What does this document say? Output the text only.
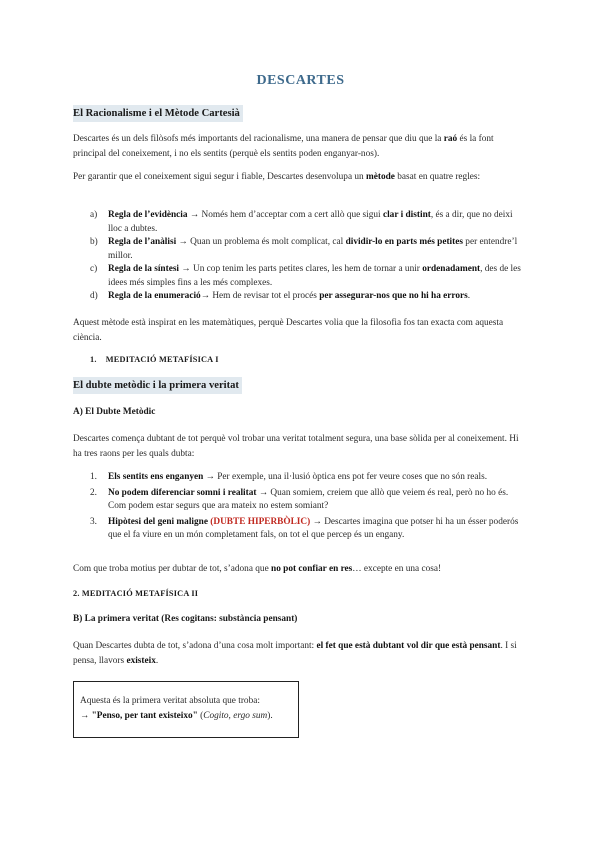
DESCARTES
El Racionalisme i el Mètode Cartesià

Descartes és un dels filòsofs més importants del racionalisme, una manera de pensar que diu que la raó és la font principal del coneixement, i no els sentits (perquè els sentits poden enganyar-nos).

Per garantir que el coneixement sigui segur i fiable, Descartes desenvolupa un mètode basat en quatre regles:

a) Regla de l’evidència → Només hem d’acceptar com a cert allò que sigui clar i distint, és a dir, que no deixi lloc a dubtes.
b) Regla de l’anàlisi → Quan un problema és molt complicat, cal dividir-lo en parts més petites per entendre’l millor.
c) Regla de la síntesi → Un cop tenim les parts petites clares, les hem de tornar a unir ordenadament, des de les idees més simples fins a les més complexes.
d) Regla de la enumeració→ Hem de revisar tot el procés per assegurar-nos que no hi ha errors.

Aquest mètode està inspirat en les matemàtiques, perquè Descartes volia que la filosofia fos tan exacta com aquesta ciència.

1. MEDITACIÓ METAFÍSICA I
El dubte metòdic i la primera veritat
A) El Dubte Metòdic

Descartes comença dubtant de tot perquè vol trobar una veritat totalment segura, una base sòlida per al coneixement. Hi ha tres raons per les quals dubta:

1. Els sentits ens enganyen → Per exemple, una il·lusió òptica ens pot fer veure coses que no són reals.
2. No podem diferenciar somni i realitat → Quan somiem, creiem que allò que veiem és real, però no ho és. Com podem estar segurs que ara mateix no estem somiant?
3. Hipòtesi del geni maligne (DUBTE HIPERBÒLIC) → Descartes imagina que potser hi ha un ésser poderós que el fa viure en un món completament fals, on tot el que percep és un engany.

Com que troba motius per dubtar de tot, s’adona que no pot confiar en res… excepte en una cosa!

2. MEDITACIÓ METAFÍSICA II
B) La primera veritat (Res cogitans: substància pensant)

Quan Descartes dubta de tot, s’adona d’una cosa molt important: el fet que està dubtant vol dir que està pensant. I si pensa, llavors existeix.

Aquesta és la primera veritat absoluta que troba:

→ "Penso, per tant existeixo" (Cogito, ergo sum).
